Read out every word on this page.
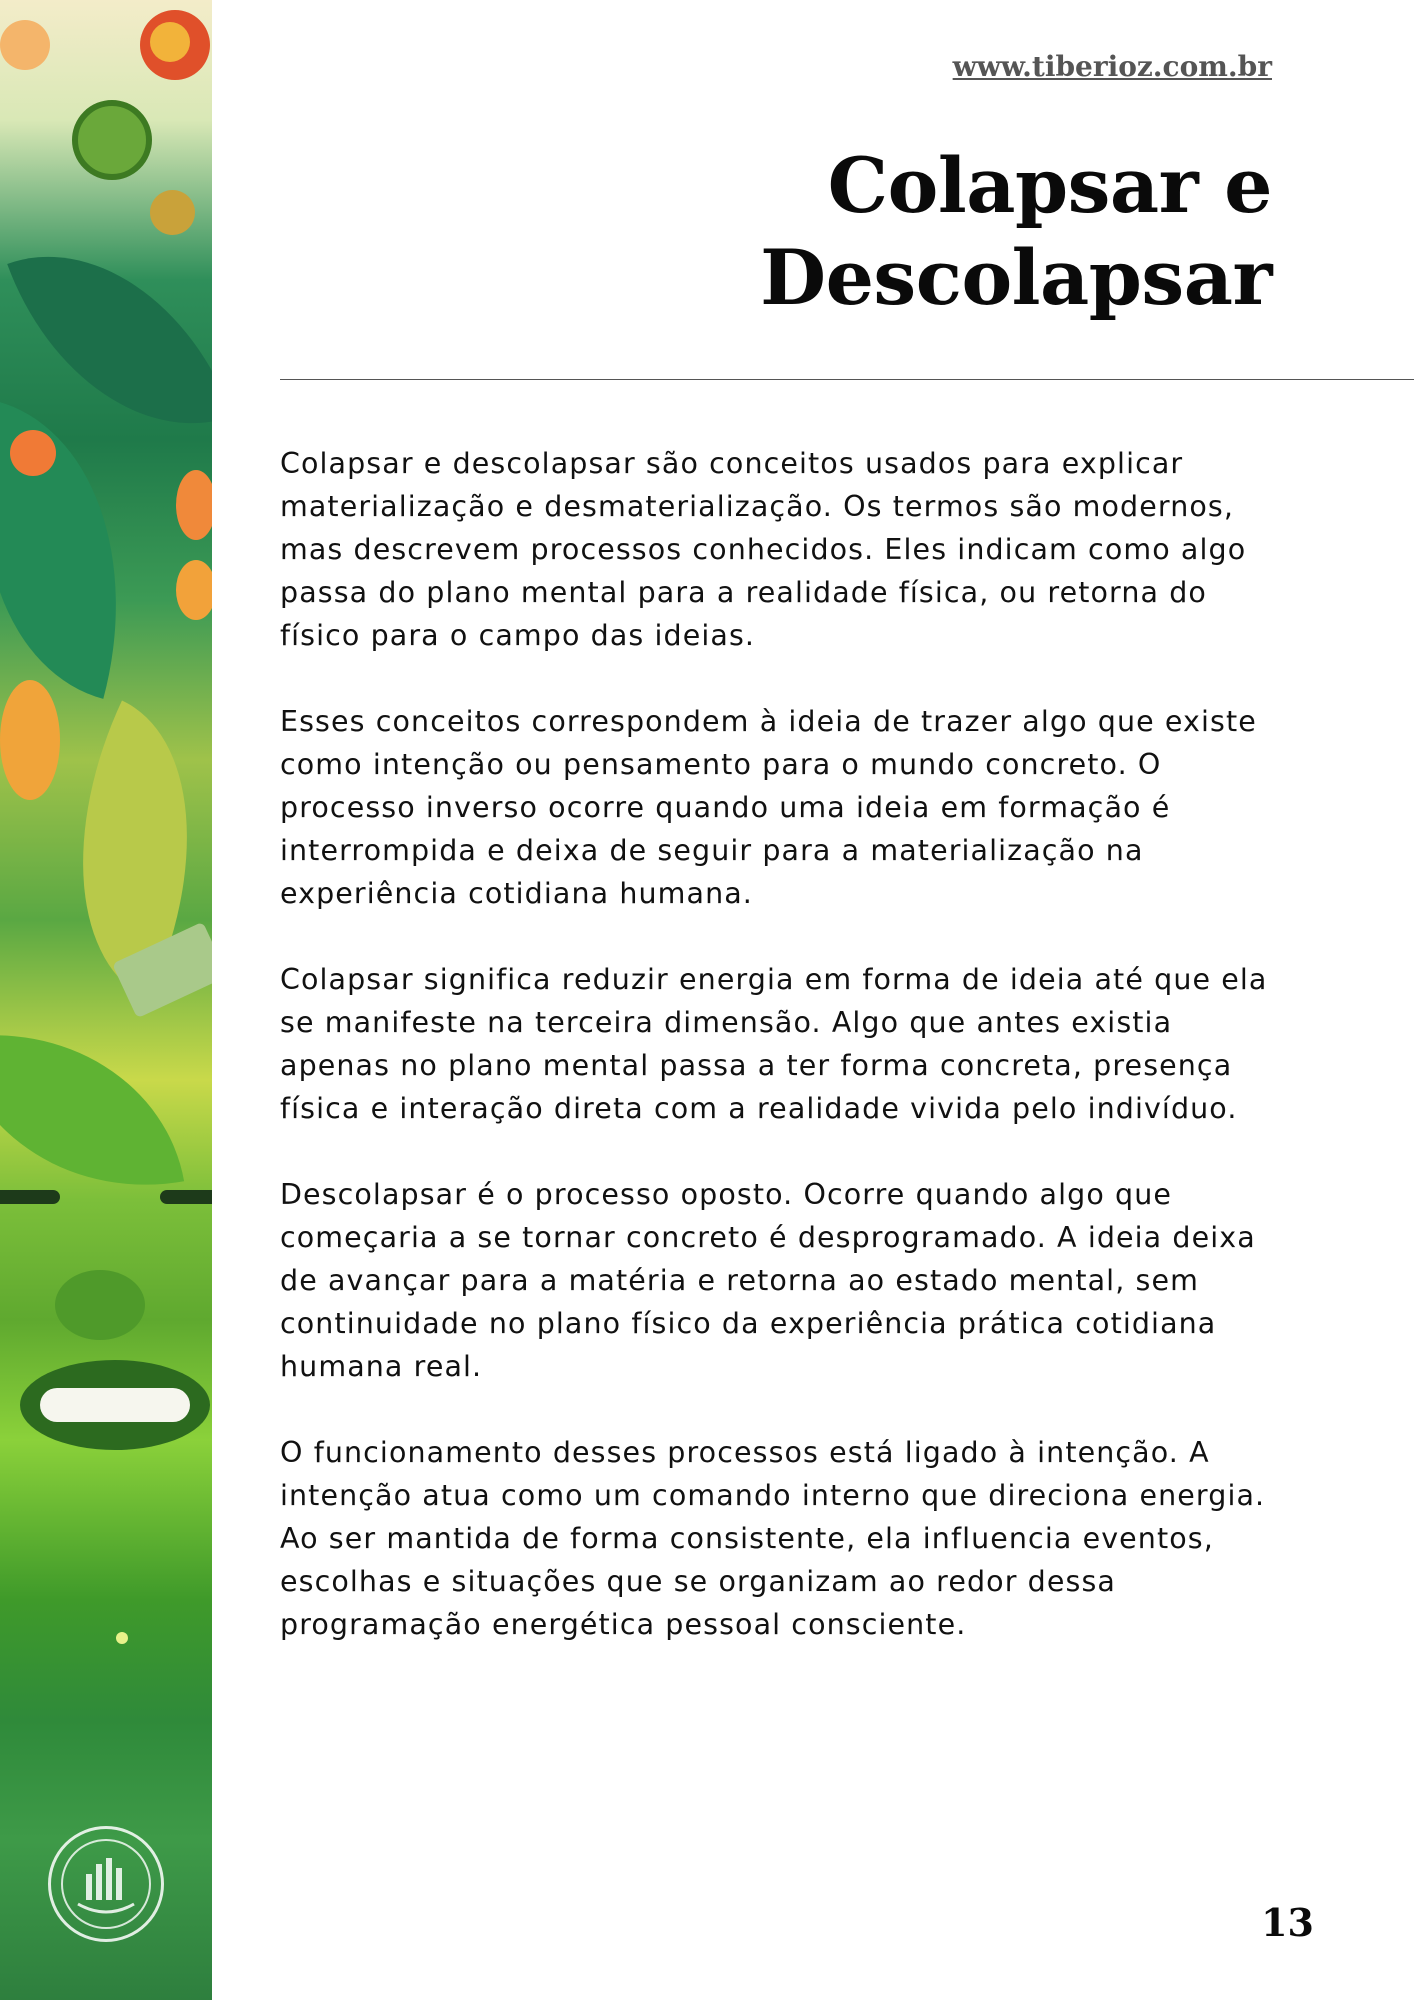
www.tiberioz.com.br
Colapsar e
Descolapsar

Colapsar e descolapsar são conceitos usados para explicar materialização e desmaterialização. Os termos são modernos, mas descrevem processos conhecidos. Eles indicam como algo passa do plano mental para a realidade física, ou retorna do físico para o campo das ideias.

Esses conceitos correspondem à ideia de trazer algo que existe como intenção ou pensamento para o mundo concreto. O processo inverso ocorre quando uma ideia em formação é interrompida e deixa de seguir para a materialização na experiência cotidiana humana.

Colapsar significa reduzir energia em forma de ideia até que ela se manifeste na terceira dimensão. Algo que antes existia apenas no plano mental passa a ter forma concreta, presença física e interação direta com a realidade vivida pelo indivíduo.

Descolapsar é o processo oposto. Ocorre quando algo que começaria a se tornar concreto é desprogramado. A ideia deixa de avançar para a matéria e retorna ao estado mental, sem continuidade no plano físico da experiência prática cotidiana humana real.

O funcionamento desses processos está ligado à intenção. A intenção atua como um comando interno que direciona energia. Ao ser mantida de forma consistente, ela influencia eventos, escolhas e situações que se organizam ao redor dessa programação energética pessoal consciente.

13
